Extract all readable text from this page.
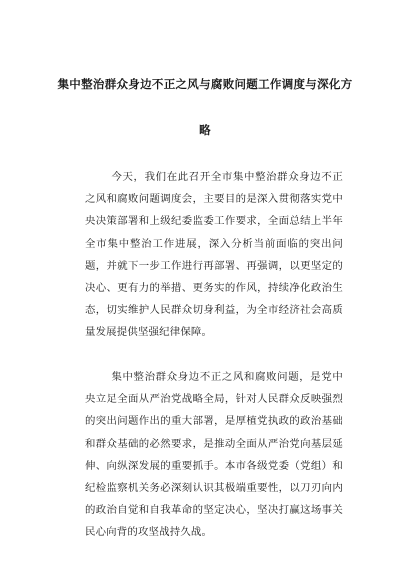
集中整治群众身边不正之风与腐败问题工作调度与深化方
略
今天，我们在此召开全市集中整治群众身边不正之风和腐败问题调度会，主要目的是深入贯彻落实党中央决策部署和上级纪委监委工作要求，全面总结上半年全市集中整治工作进展，深入分析当前面临的突出问题，并就下一步工作进行再部署、再强调，以更坚定的决心、更有力的举措、更务实的作风，持续净化政治生态，切实维护人民群众切身利益，为全市经济社会高质量发展提供坚强纪律保障。
集中整治群众身边不正之风和腐败问题，是党中央立足全面从严治党战略全局，针对人民群众反映强烈的突出问题作出的重大部署，是厚植党执政的政治基础和群众基础的必然要求，是推动全面从严治党向基层延伸、向纵深发展的重要抓手。本市各级党委（党组）和纪检监察机关务必深刻认识其极端重要性，以刀刃向内的政治自觉和自我革命的坚定决心，坚决打赢这场事关民心向背的攻坚战持久战。
